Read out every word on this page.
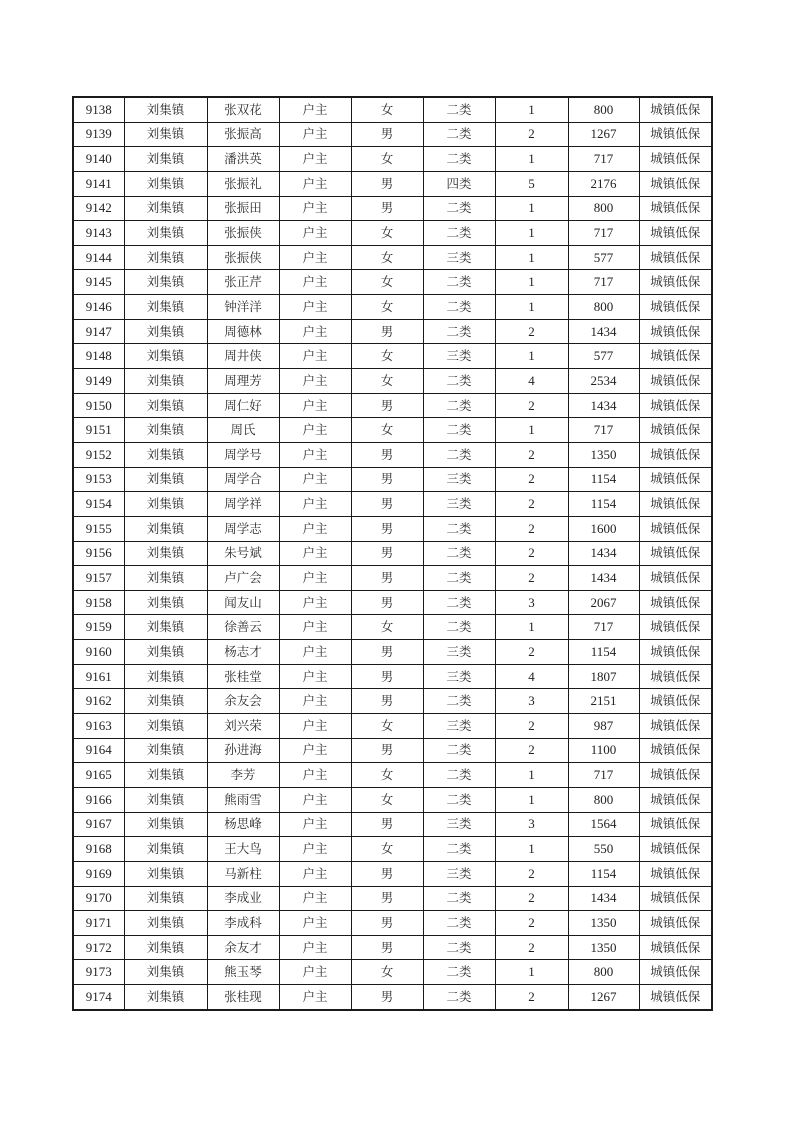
9138	刘集镇	张双花	户主	女	二类	1	800	城镇低保
9139	刘集镇	张振高	户主	男	二类	2	1267	城镇低保
9140	刘集镇	潘洪英	户主	女	二类	1	717	城镇低保
9141	刘集镇	张振礼	户主	男	四类	5	2176	城镇低保
9142	刘集镇	张振田	户主	男	二类	1	800	城镇低保
9143	刘集镇	张振侠	户主	女	二类	1	717	城镇低保
9144	刘集镇	张振侠	户主	女	三类	1	577	城镇低保
9145	刘集镇	张正芹	户主	女	二类	1	717	城镇低保
9146	刘集镇	钟洋洋	户主	女	二类	1	800	城镇低保
9147	刘集镇	周德林	户主	男	二类	2	1434	城镇低保
9148	刘集镇	周井侠	户主	女	三类	1	577	城镇低保
9149	刘集镇	周理芳	户主	女	二类	4	2534	城镇低保
9150	刘集镇	周仁好	户主	男	二类	2	1434	城镇低保
9151	刘集镇	周氏	户主	女	二类	1	717	城镇低保
9152	刘集镇	周学号	户主	男	二类	2	1350	城镇低保
9153	刘集镇	周学合	户主	男	三类	2	1154	城镇低保
9154	刘集镇	周学祥	户主	男	三类	2	1154	城镇低保
9155	刘集镇	周学志	户主	男	二类	2	1600	城镇低保
9156	刘集镇	朱号斌	户主	男	二类	2	1434	城镇低保
9157	刘集镇	卢广会	户主	男	二类	2	1434	城镇低保
9158	刘集镇	闻友山	户主	男	二类	3	2067	城镇低保
9159	刘集镇	徐善云	户主	女	二类	1	717	城镇低保
9160	刘集镇	杨志才	户主	男	三类	2	1154	城镇低保
9161	刘集镇	张桂堂	户主	男	三类	4	1807	城镇低保
9162	刘集镇	余友会	户主	男	二类	3	2151	城镇低保
9163	刘集镇	刘兴荣	户主	女	三类	2	987	城镇低保
9164	刘集镇	孙进海	户主	男	二类	2	1100	城镇低保
9165	刘集镇	李芳	户主	女	二类	1	717	城镇低保
9166	刘集镇	熊雨雪	户主	女	二类	1	800	城镇低保
9167	刘集镇	杨思峰	户主	男	三类	3	1564	城镇低保
9168	刘集镇	王大鸟	户主	女	二类	1	550	城镇低保
9169	刘集镇	马新柱	户主	男	三类	2	1154	城镇低保
9170	刘集镇	李成业	户主	男	二类	2	1434	城镇低保
9171	刘集镇	李成科	户主	男	二类	2	1350	城镇低保
9172	刘集镇	余友才	户主	男	二类	2	1350	城镇低保
9173	刘集镇	熊玉琴	户主	女	二类	1	800	城镇低保
9174	刘集镇	张桂现	户主	男	二类	2	1267	城镇低保
